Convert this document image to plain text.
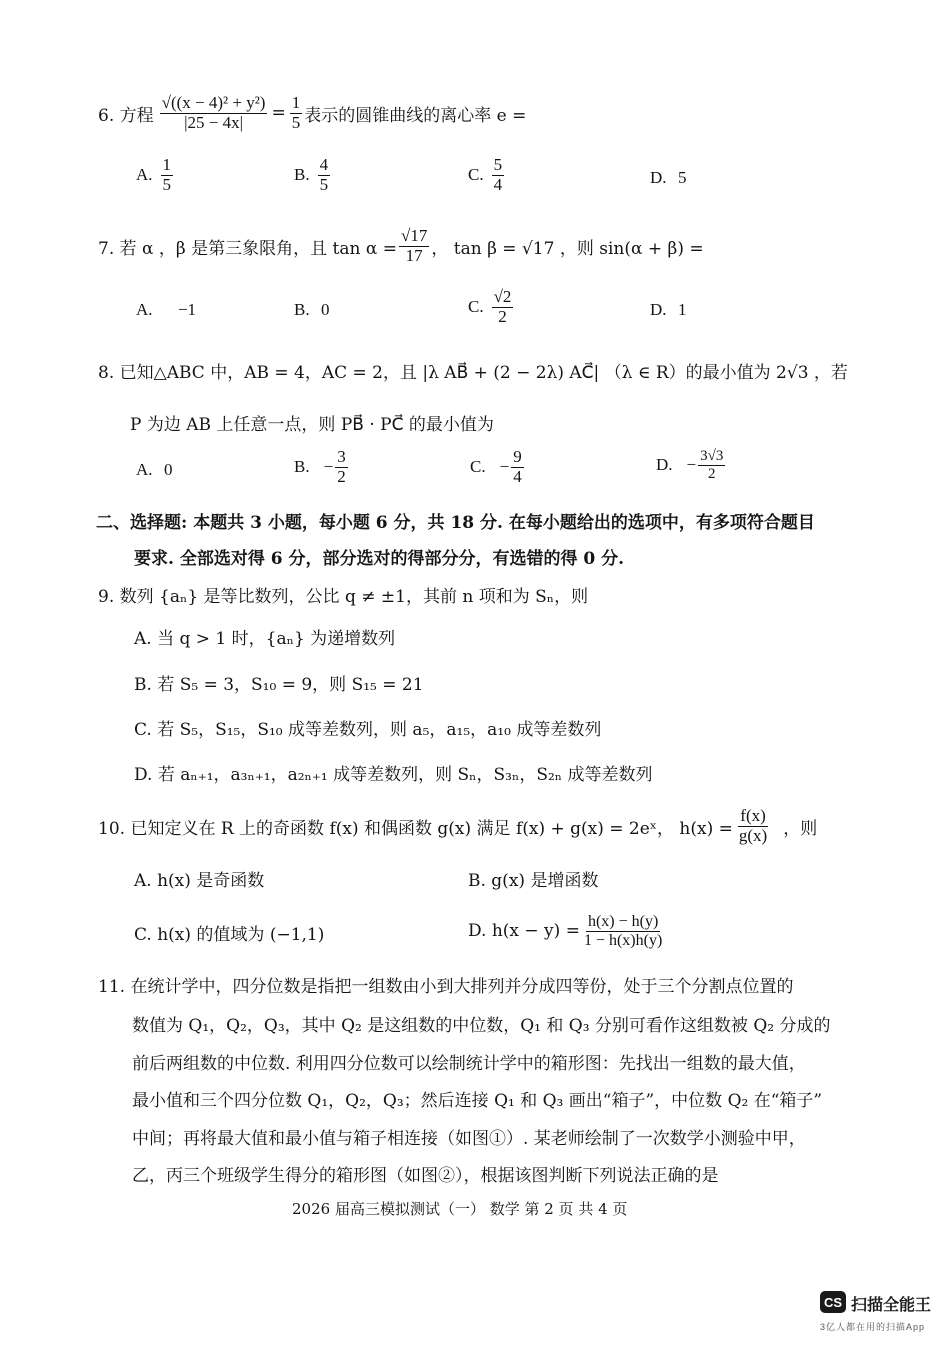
6. 方程 $\frac{\text{√((x − 4)² + y²)}}{|25 - 4x|} = \frac{1}{5}$ 表示的圆锥曲线的离心率 e =
A. $\frac{1}{5}$	B. $\frac{4}{5}$	C. $\frac{5}{4}$	D. 5
7. 若 α ，β 是第三象限角，且 $\tan \alpha = \frac{√17}{17}$ ， tan β = √17 ，则 sin(α + β) =
A. −1	B. 0	C. $\frac{√2}{2}$	D. 1
8. 已知△ABC 中，AB = 4，AC = 2，且 |λ AB⃗ + (2 − 2λ) AC⃗| （λ ∈ R）的最小值为 2√3 ，若
P 为边 AB 上任意一点，则 PB⃗ · PC⃗ 的最小值为
A. 0	B. − $\frac{3}{2}$	C. − $\frac{9}{4}$	D. − $\frac{3√3}{2}$
二、选择题: 本题共 3 小题，每小题 6 分，共 18 分. 在每小题给出的选项中，有多项符合题目
要求. 全部选对得 6 分，部分选对的得部分分，有选错的得 0 分.
9. 数列 {aₙ} 是等比数列，公比 q ≠ ±1，其前 n 项和为 Sₙ，则
A. 当 q > 1 时，{aₙ} 为递增数列
B. 若 S₅ = 3，S₁₀ = 9，则 S₁₅ = 21
C. 若 S₅，S₁₅，S₁₀ 成等差数列，则 a₅，a₁₅，a₁₀ 成等差数列
D. 若 aₙ₊₁，a₃ₙ₊₁，a₂ₙ₊₁ 成等差数列，则 Sₙ，S₃ₙ，S₂ₙ 成等差数列
10. 已知定义在 R 上的奇函数 f(x) 和偶函数 g(x) 满足 f(x) + g(x) = 2eˣ， $h(x) = \frac{f(x)}{g(x)}$ ，则
A. h(x) 是奇函数	B. g(x) 是增函数
C. h(x) 的值域为 (−1,1)	D. $h(x - y) = \frac{h(x) - h(y)}{1 - h(x)h(y)}$
11. 在统计学中，四分位数是指把一组数由小到大排列并分成四等份，处于三个分割点位置的
数值为 Q₁，Q₂，Q₃，其中 Q₂ 是这组数的中位数，Q₁ 和 Q₃ 分别可看作这组数被 Q₂ 分成的
前后两组数的中位数. 利用四分位数可以绘制统计学中的箱形图：先找出一组数的最大值，
最小值和三个四分位数 Q₁，Q₂，Q₃；然后连接 Q₁ 和 Q₃ 画出“箱子”，中位数 Q₂ 在“箱子”
中间；再将最大值和最小值与箱子相连接（如图①）. 某老师绘制了一次数学小测验中甲，
乙，丙三个班级学生得分的箱形图（如图②），根据该图判断下列说法正确的是
2026 届高三模拟测试（一） 数学 第 2 页 共 4 页
CS 扫描全能王
3亿人都在用的扫描App
